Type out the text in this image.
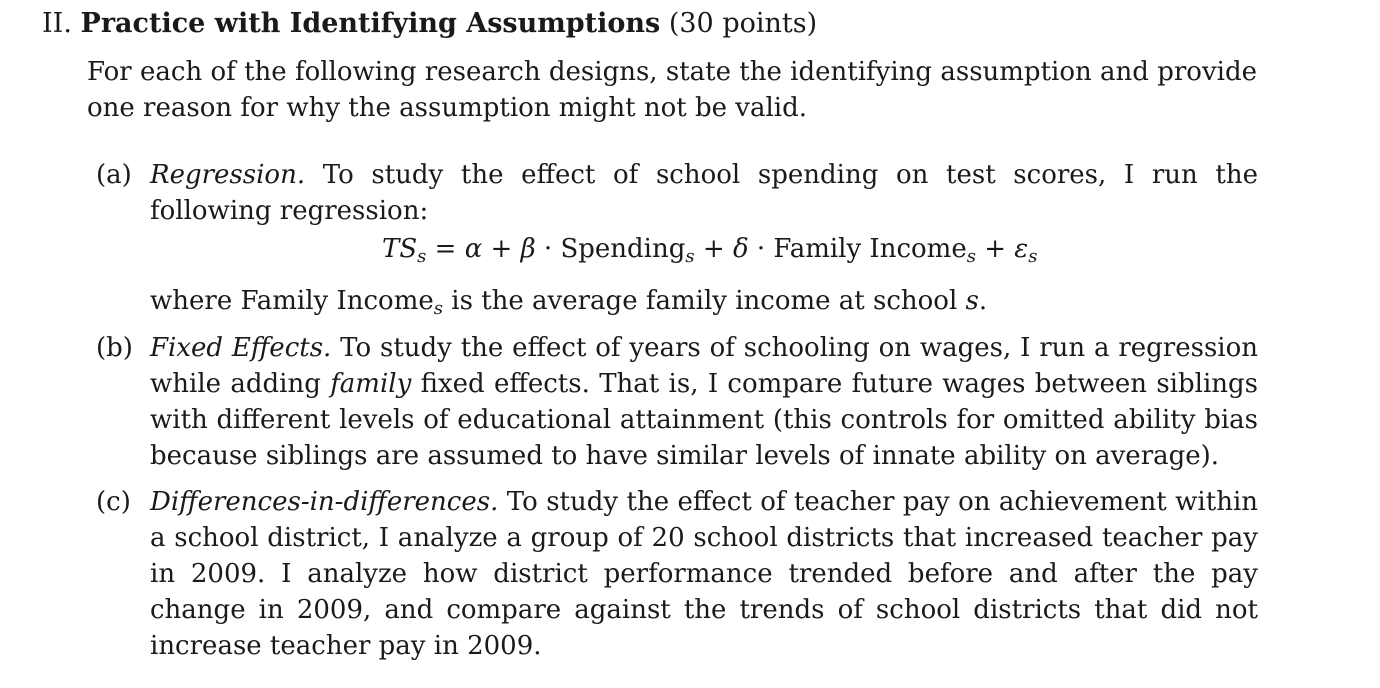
II. Practice with Identifying Assumptions (30 points)
For each of the following research designs, state the identifying assumption and provide one reason for why the assumption might not be valid.
(a) Regression. To study the effect of school spending on test scores, I run the following regression:
$TS_s = \alpha + \beta$ · Spending$_s$ + δ · Family Income$_s$ + $\varepsilon_s$
where Family Income$_s$ is the average family income at school s.
(b) Fixed Effects. To study the effect of years of schooling on wages, I run a regression while adding family fixed effects. That is, I compare future wages between siblings with different levels of educational attainment (this controls for omitted ability bias because siblings are assumed to have similar levels of innate ability on average).
(c) Differences-in-differences. To study the effect of teacher pay on achievement within a school district, I analyze a group of 20 school districts that increased teacher pay in 2009. I analyze how district performance trended before and after the pay change in 2009, and compare against the trends of school districts that did not increase teacher pay in 2009.
